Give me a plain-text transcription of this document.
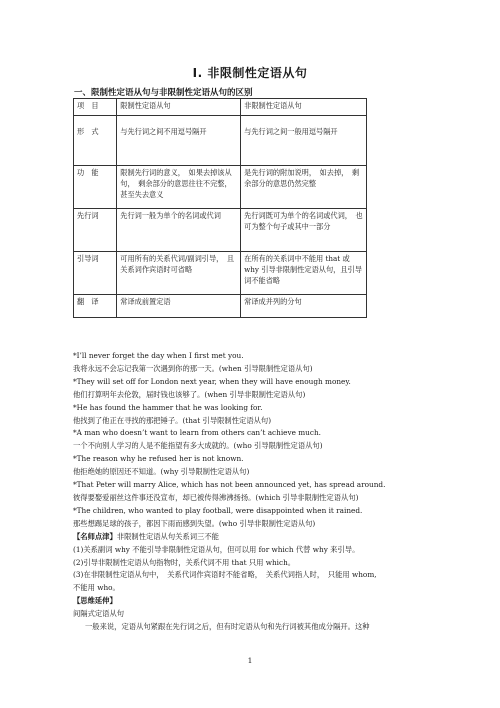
Ⅰ. 非限制性定语从句
一、限制性定语从句与非限制性定语从句的区别
项　目	限制性定语从句	非限制性定语从句
形　式	与先行词之间不用逗号隔开	与先行词之间一般用逗号隔开
功　能	限制先行词的意义，　如果去掉该从句，　剩余部分的意思往往不完整，甚至失去意义	是先行词的附加说明，　如去掉，　剩余部分的意思仍然完整
先行词	先行词一般为单个的名词或代词	先行词既可为单个的名词或代词，　也可为整个句子或其中一部分
引导词	可用所有的关系代词/副词引导，　且关系词作宾语时可省略	在所有的关系词中不能用 that 或 why 引导非限制性定语从句，且引导词不能省略
翻　译	常译成前置定语	常译成并列的分句
*I’ll never forget the day when I first met you.
我将永远不会忘记我第一次遇到你的那一天。(when 引导限制性定语从句)
*They will set off for London next year, when they will have enough money.
他们打算明年去伦敦，届时钱也该够了。(when 引导非限制性定语从句)
*He has found the hammer that he was looking for.
他找到了他正在寻找的那把锤子。(that 引导限制性定语从句)
*A man who doesn’t want to learn from others can’t achieve much.
一个不向别人学习的人是不能指望有多大成就的。(who 引导限制性定语从句)
*The reason why he refused her is not known.
他拒绝她的原因还不知道。(why 引导限制性定语从句)
*That Peter will marry Alice, which has not been announced yet, has spread around.
彼得要娶爱丽丝这件事还没宣布，却已被传得沸沸扬扬。(which 引导非限制性定语从句)
*The children, who wanted to play football, were disappointed when it rained.
那些想踢足球的孩子，都因下雨而感到失望。(who 引导非限制性定语从句)
【名师点津】非限制性定语从句关系词三不能
(1)关系副词 why 不能引导非限制性定语从句，但可以用 for which 代替 why 来引导。
(2)引导非限制性定语从句指物时，关系代词不用 that 只用 which。
(3)在非限制性定语从句中，　关系代词作宾语时不能省略，　关系代词指人时，　只能用 whom,
不能用 who。
【思维延伸】
间隔式定语从句
一般来说，定语从句紧跟在先行词之后，但有时定语从句和先行词被其他成分隔开。这种
1
